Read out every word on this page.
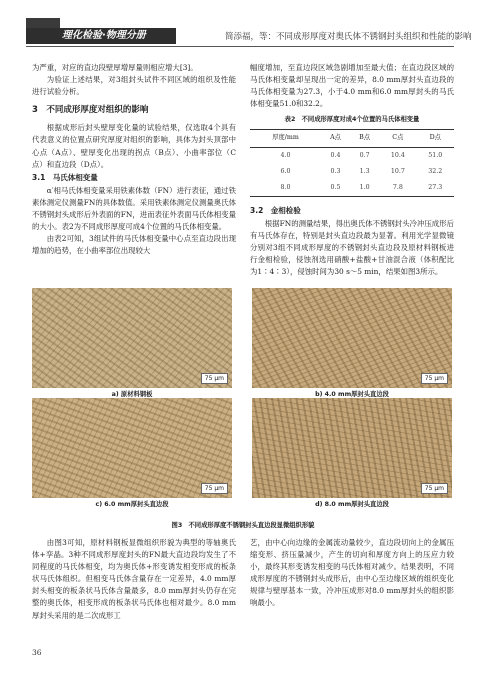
理化检验·物理分册	简添福，等：不同成形厚度对奥氏体不锈钢封头组织和性能的影响

为严重，对应的直边段壁厚增厚量则相应增大[3]。

为验证上述结果，对3组封头试件不同区域的组织及性能进行试验分析。

3　不同成形厚度对组织的影响

根据成形后封头壁厚变化量的试验结果，仅选取4个具有代表意义的位置点研究厚度对组织的影响，具体为封头顶部中心点（A点）、壁厚变化出现的拐点（B点）、小曲率部位（C点）和直边段（D点）。

3.1　马氏体相变量

α′相马氏体相变量采用铁素体数（FN）进行表征，通过铁素体测定仪测量FN的具体数值。采用铁素体测定仪测量奥氏体不锈钢封头成形后外表面的FN，进而表征外表面马氏体相变量的大小。表2为不同成形厚度可成4个位置的马氏体相变量。

由表2可知，3组试件的马氏体相变量中心点至直边段出现增加的趋势，在小曲率部位出现较大

幅度增加，至直边段区域急剧增加至最大值；在直边段区域的马氏体相变量却呈现出一定的差异，8.0 mm厚封头直边段的马氏体相变量为27.3，小于4.0 mm和6.0 mm厚封头的马氏体相变量51.0和32.2。

表2　不同成形厚度对成4个位置的马氏体相变量
厚度/mm	A点	B点	C点	D点
4.0	0.4	0.7	10.4	51.0
6.0	0.3	1.3	10.7	32.2
8.0	0.5	1.0	7.8	27.3
3.2　金相检验

根据FN的测量结果，得出奥氏体不锈钢封头冷冲压成形后有马氏体存在，特别是封头直边段最为显著。利用光学显微镜分别对3组不同成形厚度的不锈钢封头直边段及原材料钢板进行金相检验，侵蚀剂选用硝酸+盐酸+甘油混合液（体积配比为1∶4∶3），侵蚀时间为30 s～5 min，结果如图3所示。

75 μm	75 μm
75 μm	75 μm
a) 原材料钢板	b) 4.0 mm厚封头直边段
c) 6.0 mm厚封头直边段	d) 8.0 mm厚封头直边段
图3　不同成形厚度不锈钢封头直边段显微组织形貌

由图3可知，原材料钢板显微组织形貌为典型的等轴奥氏体+孪晶。3种不同成形厚度封头的FN最大直边段均发生了不同程度的马氏体相变，均为奥氏体+形变诱发相变形成的板条状马氏体组织。但相变马氏体含量存在一定差异，4.0 mm厚封头相变的板条状马氏体含量最多，8.0 mm厚封头仍存在完整的奥氏体，相变形成的板条状马氏体也相对最少。8.0 mm厚封头采用的是二次成形工

艺，由中心向边缘的金属流动量较少，直边段切向上的金属压缩变形、挤压量减少，产生的切向和厚度方向上的压应力较小，最终其形变诱发相变的马氏体相对减少。结果表明，不同成形厚度的不锈钢封头成形后，由中心至边缘区域的组织变化规律与壁厚基本一致，冷冲压成形对8.0 mm厚封头的组织影响最小。

36
